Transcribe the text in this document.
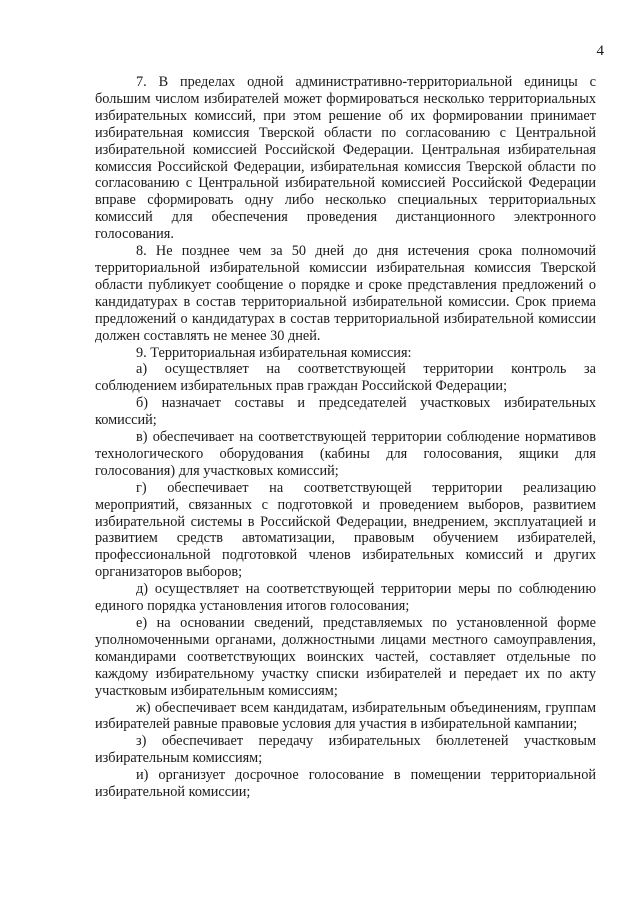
4

7. В пределах одной административно-территориальной единицы с большим числом избирателей может формироваться несколько территориальных избирательных комиссий, при этом решение об их формировании принимает избирательная комиссия Тверской области по согласованию с Центральной избирательной комиссией Российской Федерации. Центральная избирательная комиссия Российской Федерации, избирательная комиссия Тверской области по согласованию с Центральной избирательной комиссией Российской Федерации вправе сформировать одну либо несколько специальных территориальных комиссий для обеспечения проведения дистанционного электронного голосования.

8. Не позднее чем за 50 дней до дня истечения срока полномочий территориальной избирательной комиссии избирательная комиссия Тверской области публикует сообщение о порядке и сроке представления предложений о кандидатурах в состав территориальной избирательной комиссии. Срок приема предложений о кандидатурах в состав территориальной избирательной комиссии должен составлять не менее 30 дней.

9. Территориальная избирательная комиссия:

а) осуществляет на соответствующей территории контроль за соблюдением избирательных прав граждан Российской Федерации;

б) назначает составы и председателей участковых избирательных комиссий;

в) обеспечивает на соответствующей территории соблюдение нормативов технологического оборудования (кабины для голосования, ящики для голосования) для участковых комиссий;

г) обеспечивает на соответствующей территории реализацию мероприятий, связанных с подготовкой и проведением выборов, развитием избирательной системы в Российской Федерации, внедрением, эксплуатацией и развитием средств автоматизации, правовым обучением избирателей, профессиональной подготовкой членов избирательных комиссий и других организаторов выборов;

д) осуществляет на соответствующей территории меры по соблюдению единого порядка установления итогов голосования;

е) на основании сведений, представляемых по установленной форме уполномоченными органами, должностными лицами местного самоуправления, командирами соответствующих воинских частей, составляет отдельные по каждому избирательному участку списки избирателей и передает их по акту участковым избирательным комиссиям;

ж) обеспечивает всем кандидатам, избирательным объединениям, группам избирателей равные правовые условия для участия в избирательной кампании;

з) обеспечивает передачу избирательных бюллетеней участковым избирательным комиссиям;

и) организует досрочное голосование в помещении территориальной избирательной комиссии;
